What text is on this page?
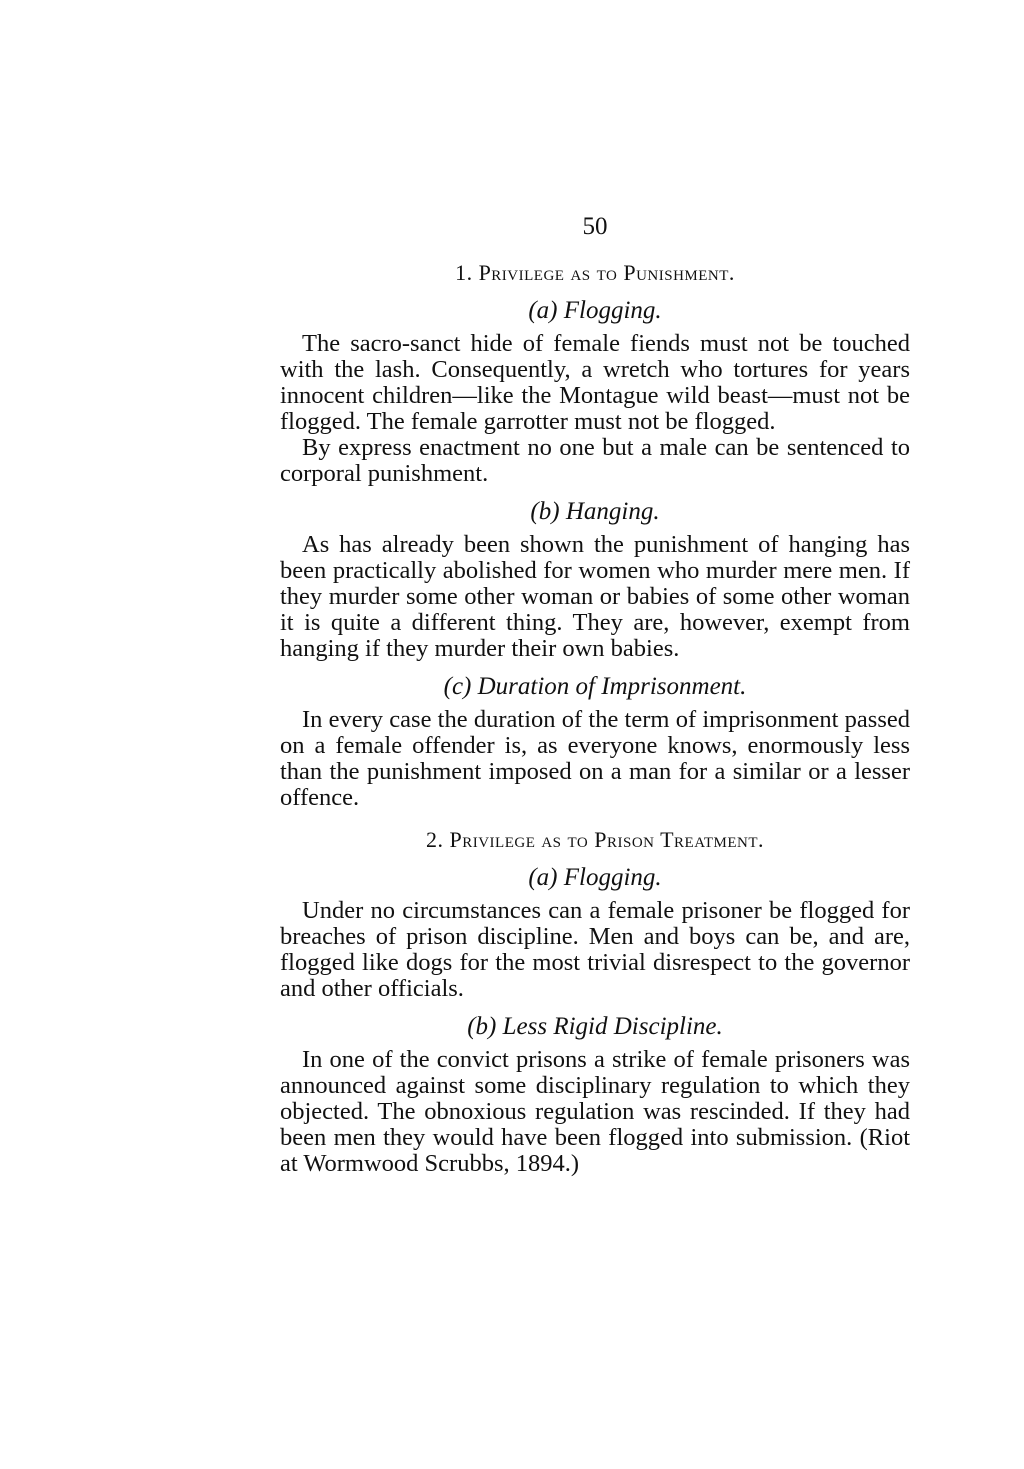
50
1. Privilege as to Punishment.
(a) Flogging.

The sacro-sanct hide of female fiends must not be touched with the lash. Consequently, a wretch who tortures for years innocent children—like the Montague wild beast—must not be flogged. The female garrotter must not be flogged.

By express enactment no one but a male can be sentenced to corporal punishment.

(b) Hanging.

As has already been shown the punishment of hanging has been practically abolished for women who murder mere men. If they murder some other woman or babies of some other woman it is quite a different thing. They are, however, exempt from hanging if they murder their own babies.

(c) Duration of Imprisonment.

In every case the duration of the term of imprisonment passed on a female offender is, as everyone knows, enormously less than the punishment imposed on a man for a similar or a lesser offence.

2. Privilege as to Prison Treatment.
(a) Flogging.

Under no circumstances can a female prisoner be flogged for breaches of prison discipline. Men and boys can be, and are, flogged like dogs for the most trivial disrespect to the governor and other officials.

(b) Less Rigid Discipline.

In one of the convict prisons a strike of female prisoners was announced against some disciplinary regulation to which they objected. The obnoxious regulation was rescinded. If they had been men they would have been flogged into submission. (Riot at Wormwood Scrubbs, 1894.)
